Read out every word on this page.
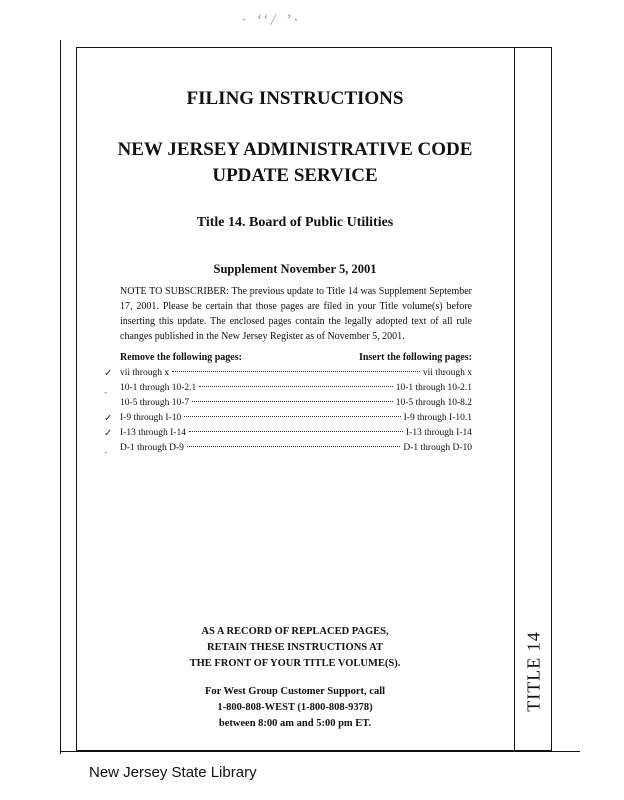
· ‘‘/ ’·
FILING INSTRUCTIONS
NEW JERSEY ADMINISTRATIVE CODE
UPDATE SERVICE
Title 14. Board of Public Utilities
Supplement November 5, 2001
NOTE TO SUBSCRIBER: The previous update to Title 14 was Supplement September 17, 2001. Please be certain that those pages are filed in your Title volume(s) before inserting this update. The enclosed pages contain the legally adopted text of all rule changes published in the New Jersey Register as of November 5, 2001.
Remove the following pages:	Insert the following pages:
✓ vii through x	vii through x
ˎ 10-1 through 10-2.1	10-1 through 10-2.1
10-5 through 10-7	10-5 through 10-8.2
✓ I-9 through I-10	I-9 through I-10.1
✓ I-13 through I-14	I-13 through I-14
ˎ D-1 through D-9	D-1 through D-10
AS A RECORD OF REPLACED PAGES,
RETAIN THESE INSTRUCTIONS AT
THE FRONT OF YOUR TITLE VOLUME(S).
For West Group Customer Support, call
1-800-808-WEST (1-800-808-9378)
between 8:00 am and 5:00 pm ET.
TITLE 14
New Jersey State Library
